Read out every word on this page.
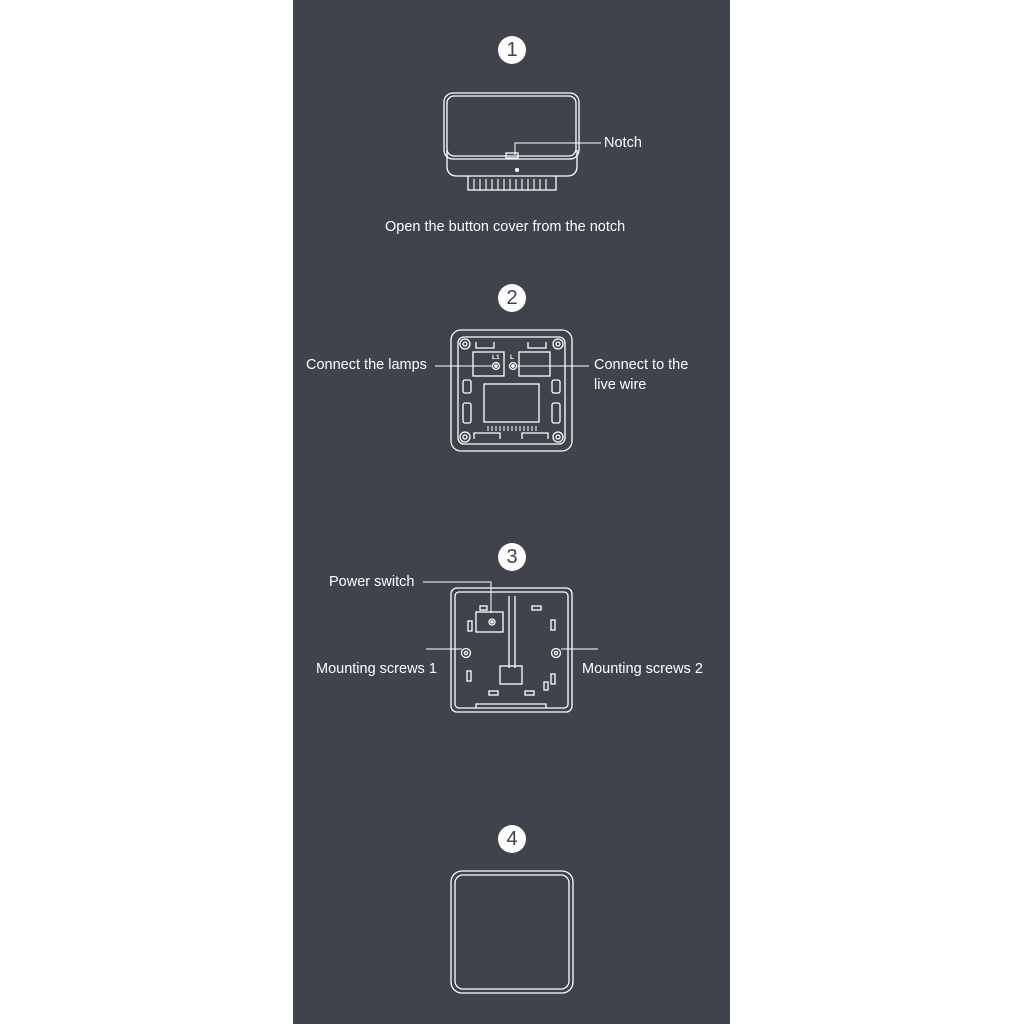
L1 L
1
2
3
4
Notch
Open the button cover from the notch
Connect the lamps	Connect to the
live wire
Power switch
Mounting screws 1	Mounting screws 2
